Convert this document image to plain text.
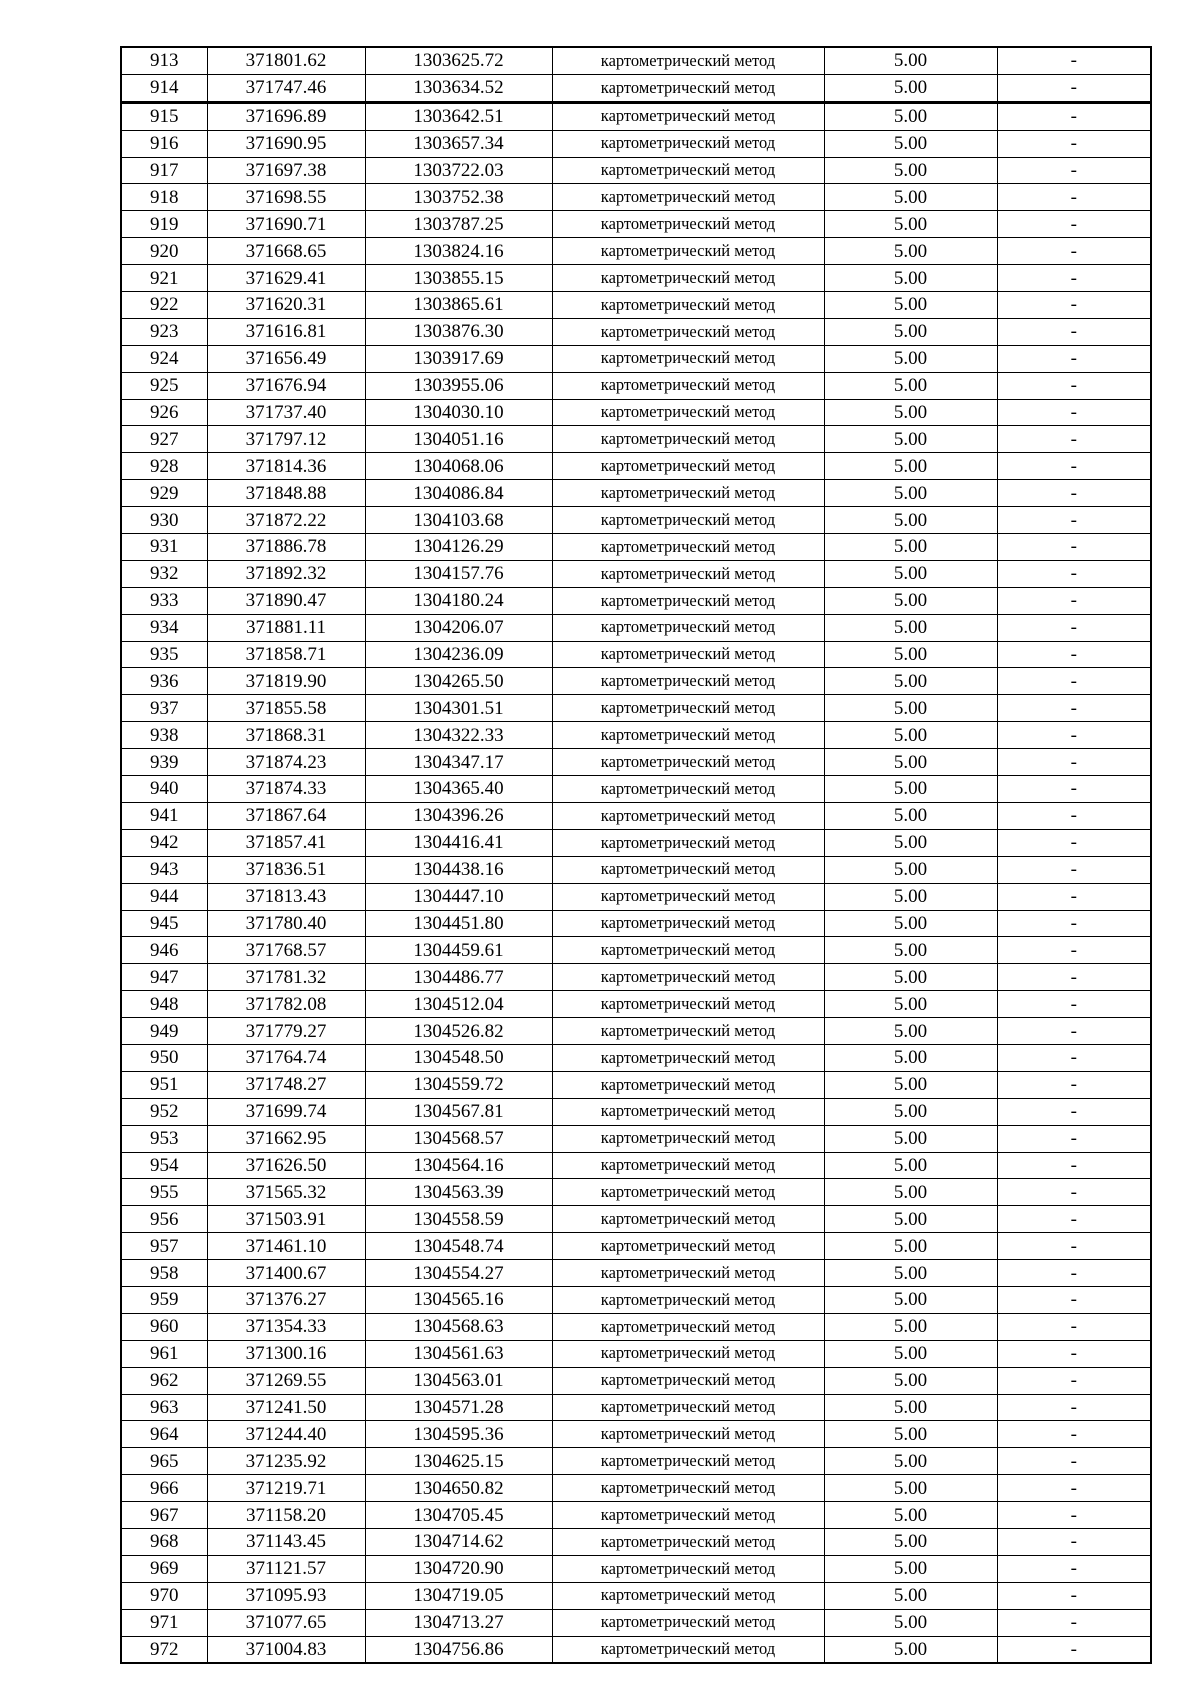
913	371801.62	1303625.72	картометрический метод	5.00	-
914	371747.46	1303634.52	картометрический метод	5.00	-
915	371696.89	1303642.51	картометрический метод	5.00	-
916	371690.95	1303657.34	картометрический метод	5.00	-
917	371697.38	1303722.03	картометрический метод	5.00	-
918	371698.55	1303752.38	картометрический метод	5.00	-
919	371690.71	1303787.25	картометрический метод	5.00	-
920	371668.65	1303824.16	картометрический метод	5.00	-
921	371629.41	1303855.15	картометрический метод	5.00	-
922	371620.31	1303865.61	картометрический метод	5.00	-
923	371616.81	1303876.30	картометрический метод	5.00	-
924	371656.49	1303917.69	картометрический метод	5.00	-
925	371676.94	1303955.06	картометрический метод	5.00	-
926	371737.40	1304030.10	картометрический метод	5.00	-
927	371797.12	1304051.16	картометрический метод	5.00	-
928	371814.36	1304068.06	картометрический метод	5.00	-
929	371848.88	1304086.84	картометрический метод	5.00	-
930	371872.22	1304103.68	картометрический метод	5.00	-
931	371886.78	1304126.29	картометрический метод	5.00	-
932	371892.32	1304157.76	картометрический метод	5.00	-
933	371890.47	1304180.24	картометрический метод	5.00	-
934	371881.11	1304206.07	картометрический метод	5.00	-
935	371858.71	1304236.09	картометрический метод	5.00	-
936	371819.90	1304265.50	картометрический метод	5.00	-
937	371855.58	1304301.51	картометрический метод	5.00	-
938	371868.31	1304322.33	картометрический метод	5.00	-
939	371874.23	1304347.17	картометрический метод	5.00	-
940	371874.33	1304365.40	картометрический метод	5.00	-
941	371867.64	1304396.26	картометрический метод	5.00	-
942	371857.41	1304416.41	картометрический метод	5.00	-
943	371836.51	1304438.16	картометрический метод	5.00	-
944	371813.43	1304447.10	картометрический метод	5.00	-
945	371780.40	1304451.80	картометрический метод	5.00	-
946	371768.57	1304459.61	картометрический метод	5.00	-
947	371781.32	1304486.77	картометрический метод	5.00	-
948	371782.08	1304512.04	картометрический метод	5.00	-
949	371779.27	1304526.82	картометрический метод	5.00	-
950	371764.74	1304548.50	картометрический метод	5.00	-
951	371748.27	1304559.72	картометрический метод	5.00	-
952	371699.74	1304567.81	картометрический метод	5.00	-
953	371662.95	1304568.57	картометрический метод	5.00	-
954	371626.50	1304564.16	картометрический метод	5.00	-
955	371565.32	1304563.39	картометрический метод	5.00	-
956	371503.91	1304558.59	картометрический метод	5.00	-
957	371461.10	1304548.74	картометрический метод	5.00	-
958	371400.67	1304554.27	картометрический метод	5.00	-
959	371376.27	1304565.16	картометрический метод	5.00	-
960	371354.33	1304568.63	картометрический метод	5.00	-
961	371300.16	1304561.63	картометрический метод	5.00	-
962	371269.55	1304563.01	картометрический метод	5.00	-
963	371241.50	1304571.28	картометрический метод	5.00	-
964	371244.40	1304595.36	картометрический метод	5.00	-
965	371235.92	1304625.15	картометрический метод	5.00	-
966	371219.71	1304650.82	картометрический метод	5.00	-
967	371158.20	1304705.45	картометрический метод	5.00	-
968	371143.45	1304714.62	картометрический метод	5.00	-
969	371121.57	1304720.90	картометрический метод	5.00	-
970	371095.93	1304719.05	картометрический метод	5.00	-
971	371077.65	1304713.27	картометрический метод	5.00	-
972	371004.83	1304756.86	картометрический метод	5.00	-
